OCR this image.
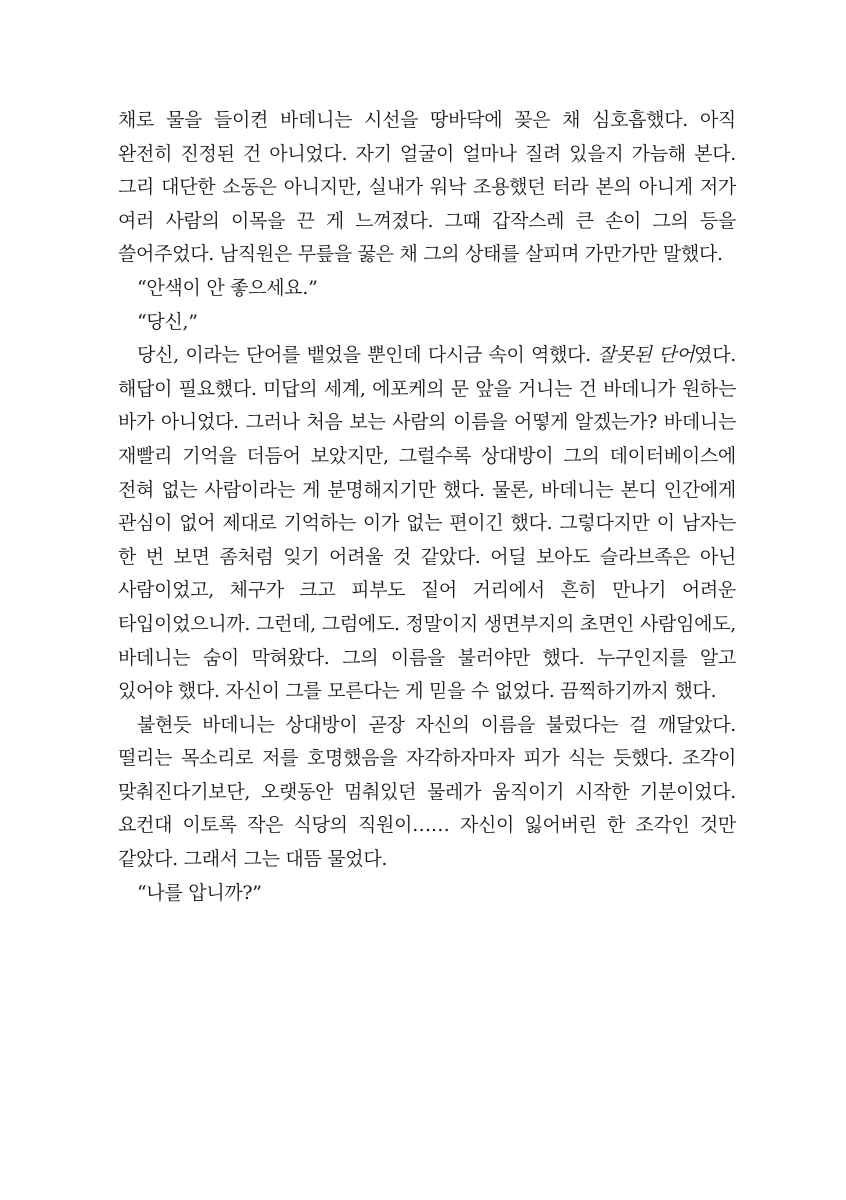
채로 물을 들이켠 바데니는 시선을 땅바닥에 꽂은 채 심호흡했다. 아직 완전히 진정된 건 아니었다. 자기 얼굴이 얼마나 질려 있을지 가늠해 본다. 그리 대단한 소동은 아니지만, 실내가 워낙 조용했던 터라 본의 아니게 저가 여러 사람의 이목을 끈 게 느껴졌다. 그때 갑작스레 큰 손이 그의 등을 쓸어주었다. 남직원은 무릎을 꿇은 채 그의 상태를 살피며 가만가만 말했다.

“안색이 안 좋으세요.”

“당신,”

당신, 이라는 단어를 뱉었을 뿐인데 다시금 속이 역했다. 잘못된 단어였다. 해답이 필요했다. 미답의 세계, 에포케의 문 앞을 거니는 건 바데니가 원하는 바가 아니었다. 그러나 처음 보는 사람의 이름을 어떻게 알겠는가? 바데니는 재빨리 기억을 더듬어 보았지만, 그럴수록 상대방이 그의 데이터베이스에 전혀 없는 사람이라는 게 분명해지기만 했다. 물론, 바데니는 본디 인간에게 관심이 없어 제대로 기억하는 이가 없는 편이긴 했다. 그렇다지만 이 남자는 한 번 보면 좀처럼 잊기 어려울 것 같았다. 어딜 보아도 슬라브족은 아닌 사람이었고, 체구가 크고 피부도 짙어 거리에서 흔히 만나기 어려운 타입이었으니까. 그런데, 그럼에도. 정말이지 생면부지의 초면인 사람임에도, 바데니는 숨이 막혀왔다. 그의 이름을 불러야만 했다. 누구인지를 알고 있어야 했다. 자신이 그를 모른다는 게 믿을 수 없었다. 끔찍하기까지 했다.

불현듯 바데니는 상대방이 곧장 자신의 이름을 불렀다는 걸 깨달았다. 떨리는 목소리로 저를 호명했음을 자각하자마자 피가 식는 듯했다. 조각이 맞춰진다기보단, 오랫동안 멈춰있던 물레가 움직이기 시작한 기분이었다. 요컨대 이토록 작은 식당의 직원이…… 자신이 잃어버린 한 조각인 것만 같았다. 그래서 그는 대뜸 물었다.

“나를 압니까?”
